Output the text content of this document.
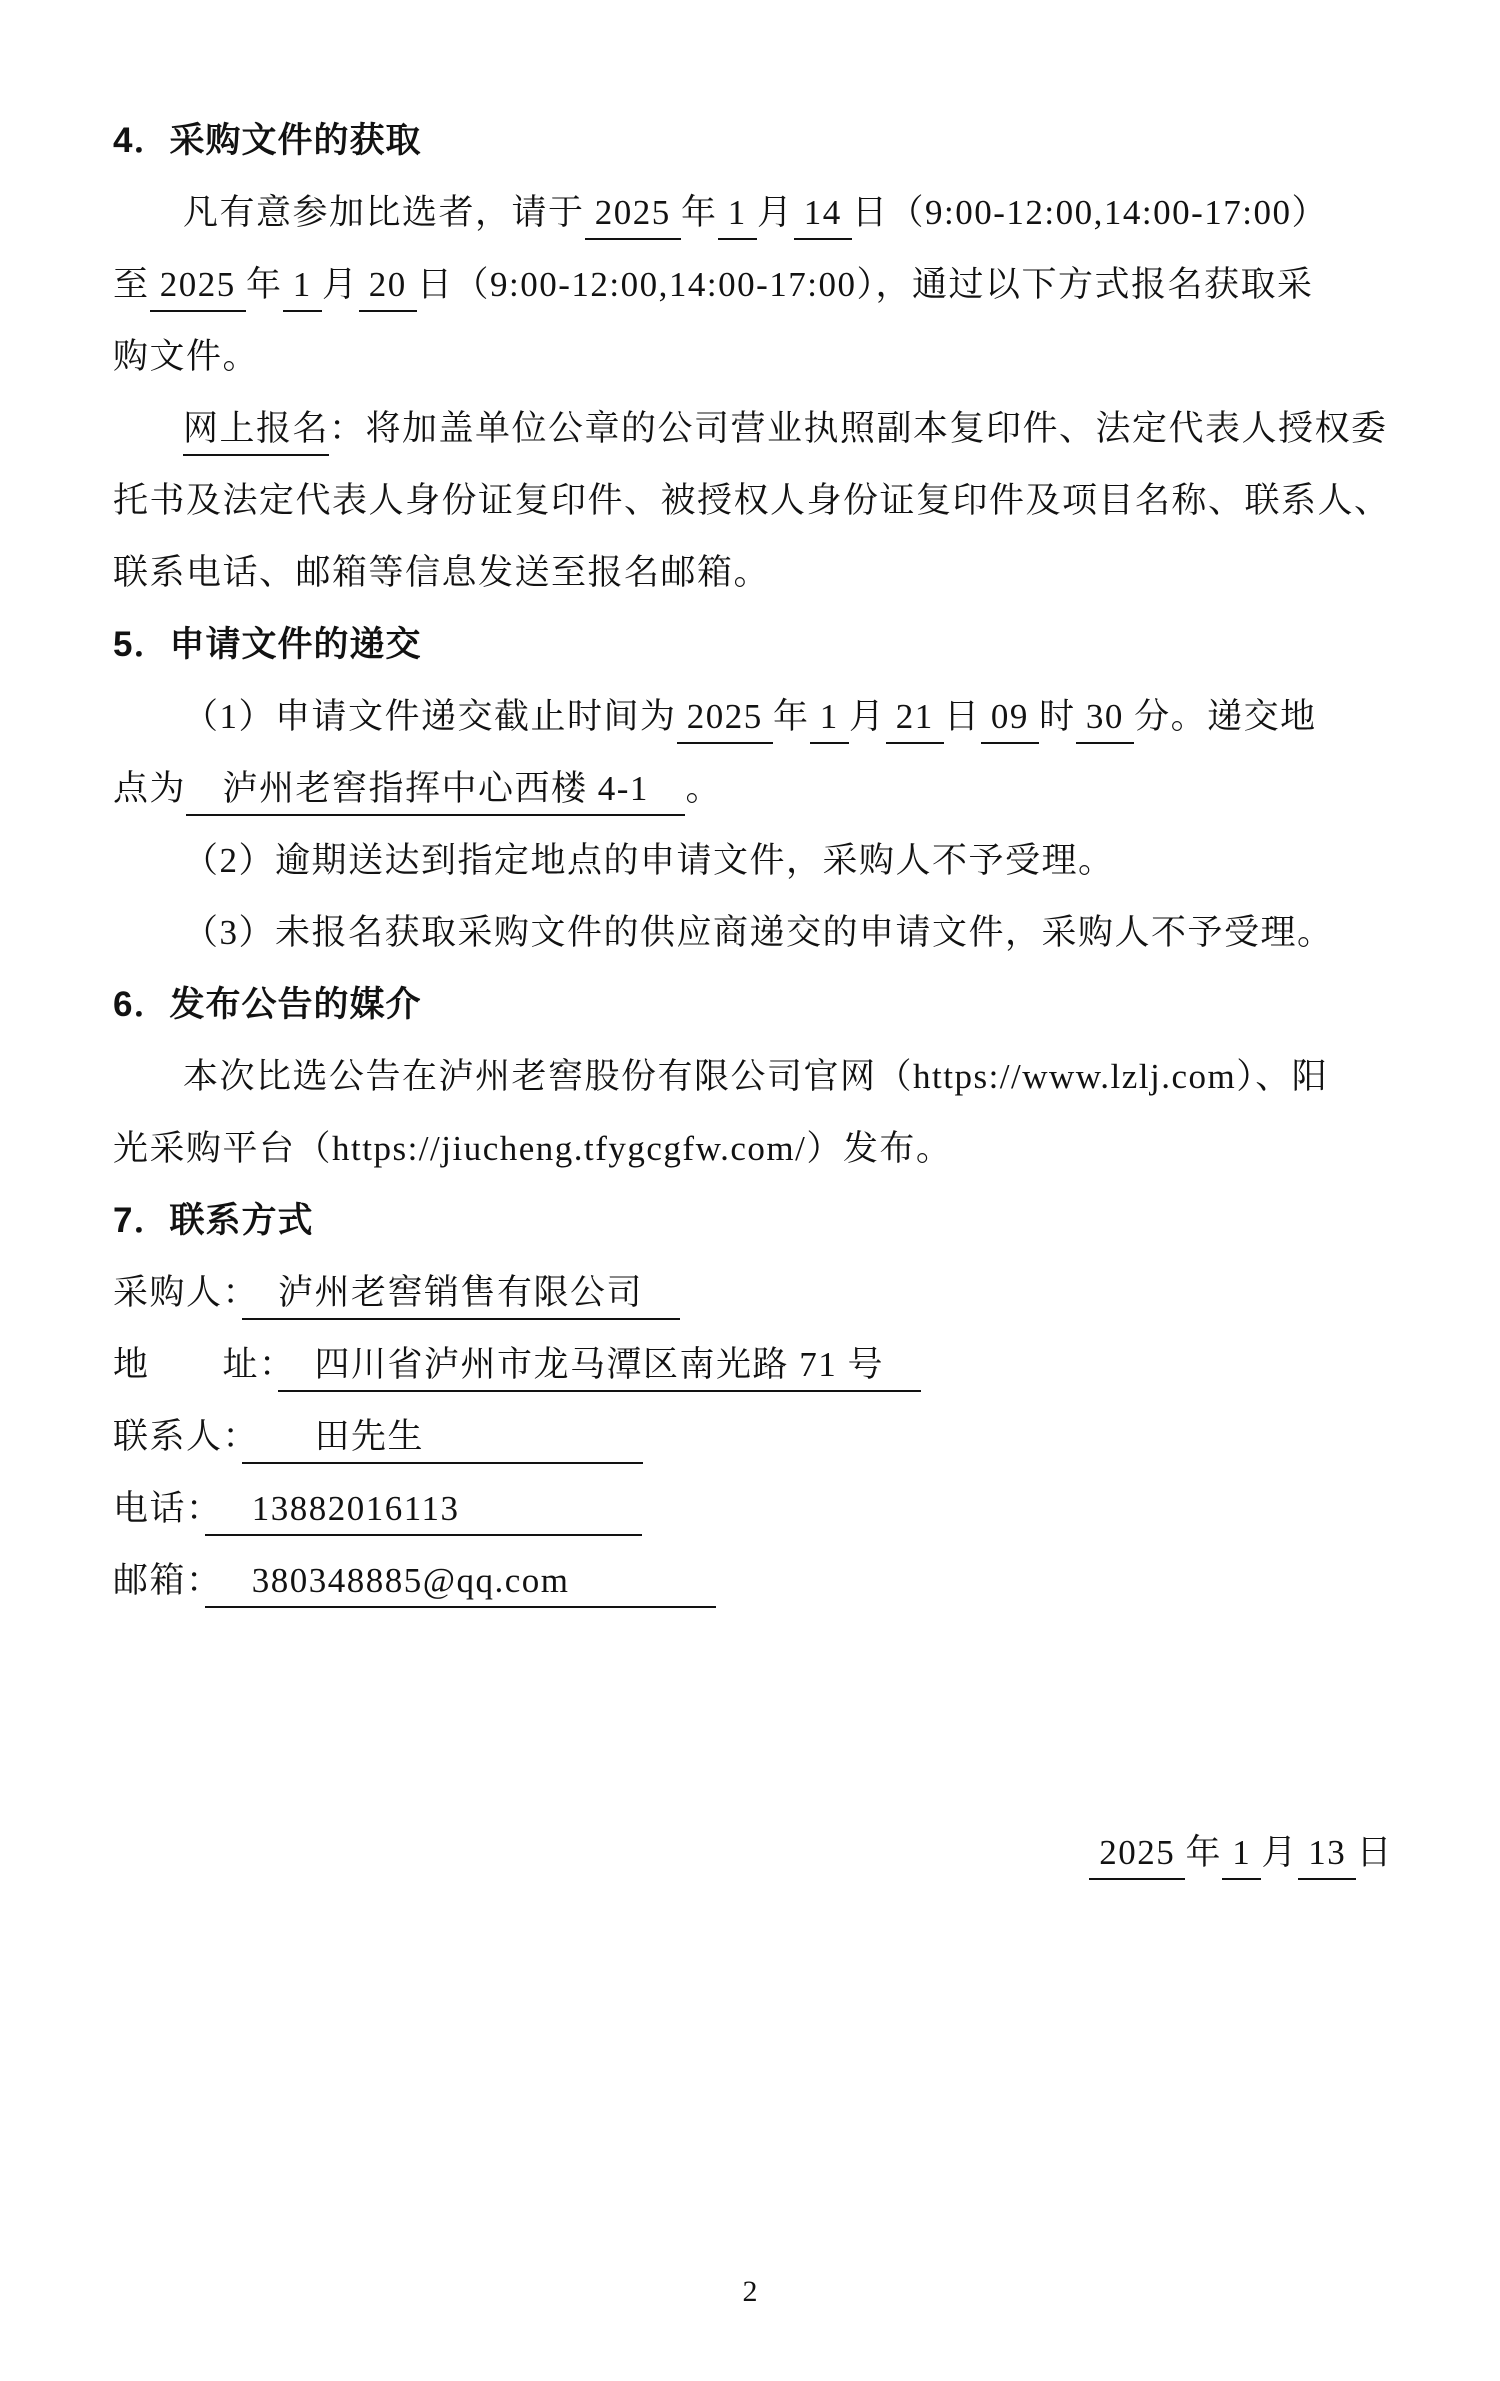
4．采购文件的获取
凡有意参加比选者，请于 2025 年 1 月 14 日（9:00-12:00,14:00-17:00）
至 2025 年 1 月 20 日（9:00-12:00,14:00-17:00），通过以下方式报名获取采
购文件。
网上报名：将加盖单位公章的公司营业执照副本复印件、法定代表人授权委
托书及法定代表人身份证复印件、被授权人身份证复印件及项目名称、联系人、
联系电话、邮箱等信息发送至报名邮箱。
5．申请文件的递交
（1）申请文件递交截止时间为 2025 年 1 月 21 日 09 时 30 分。递交地
点为　泸州老窖指挥中心西楼 4-1　。
（2）逾期送达到指定地点的申请文件，采购人不予受理。
（3）未报名获取采购文件的供应商递交的申请文件，采购人不予受理。
6．发布公告的媒介
本次比选公告在泸州老窖股份有限公司官网（https://www.lzlj.com）、阳
光采购平台（https://jiucheng.tfygcgfw.com/）发布。
7．联系方式
采购人：　泸州老窖销售有限公司　
地　　址：　四川省泸州市龙马潭区南光路 71 号　
联系人：　　田先生　　　　　　
电话：　 13882016113　　　　　
邮箱：　 380348885@qq.com　　　　
2025 年 1 月 13 日
2
